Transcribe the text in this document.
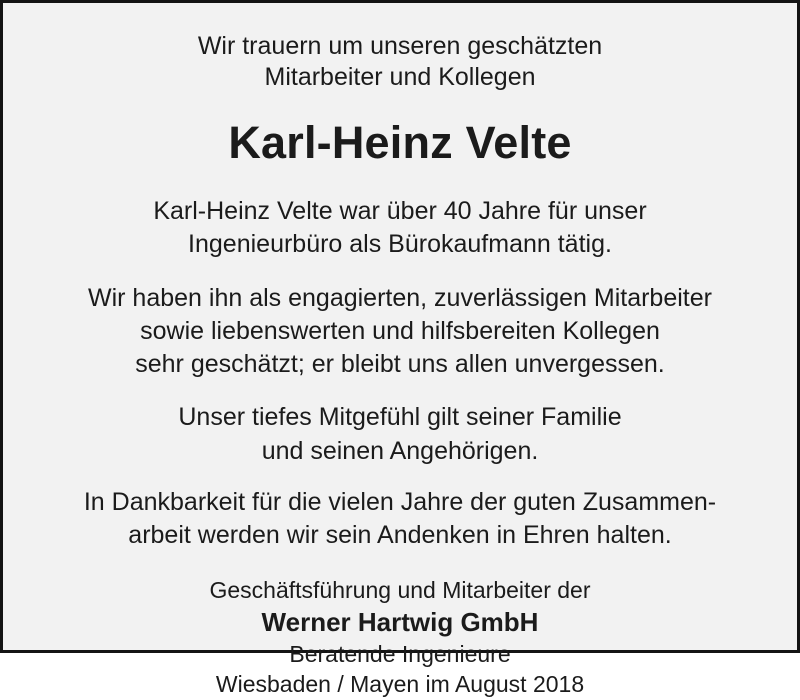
Wir trauern um unseren geschätzten
Mitarbeiter und Kollegen
Karl-Heinz Velte
Karl-Heinz Velte war über 40 Jahre für unser
Ingenieurbüro als Bürokaufmann tätig.
Wir haben ihn als engagierten, zuverlässigen Mitarbeiter
sowie liebenswerten und hilfsbereiten Kollegen
sehr geschätzt; er bleibt uns allen unvergessen.
Unser tiefes Mitgefühl gilt seiner Familie
und seinen Angehörigen.
In Dankbarkeit für die vielen Jahre der guten Zusammen-
arbeit werden wir sein Andenken in Ehren halten.
Geschäftsführung und Mitarbeiter der
Werner Hartwig GmbH
Beratende Ingenieure
Wiesbaden / Mayen im August 2018
